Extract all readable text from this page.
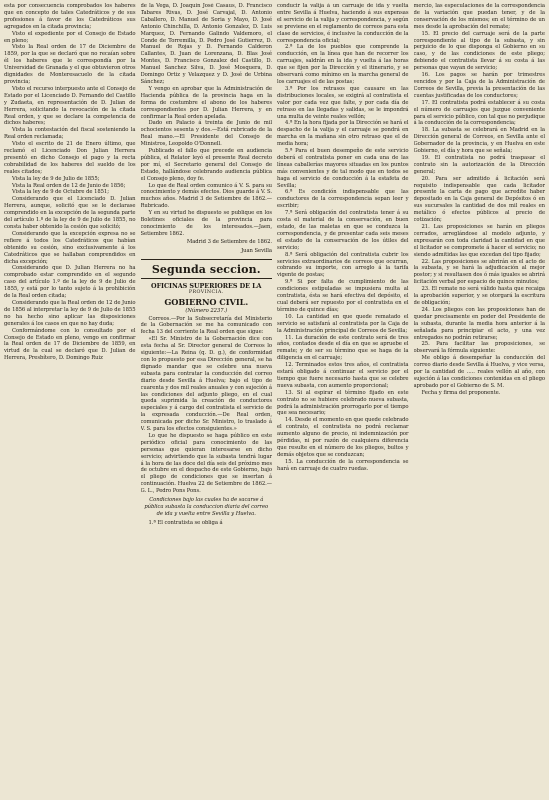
esta por consecuencia comprobados los haberes que en concepto de tales Catedráticos y de sus profesiones á favor de los Catedráticos sus agregados en la citada provincia;

Visto el expediente por el Consejo de Estado en pleno;

Visto la Real orden de 17 de Diciembre de 1859, por la que se declaró que no recaían sobre él los haberes que le correspondía por la Universidad de Granada y el que obtuvieron otros dignidades de Monteresacuelo de la citada provincia;

Visto el recurso interpuesto ante el Consejo de Estado por el Licenciado D. Fernando del Castillo y Zudaeta, en representación de D. Julian de Herrera, solicitando la revocación de la citada Real orden, y que se declare la competencia de dichos haberes;

Vista la contestación del fiscal sosteniendo la Real orden reclamada;

Visto el escrito de 21 de Enero último, que reclamó el Licenciado Don Julian Herrera presentó en dicho Consejo el pago y la recta cobrabilidad de los haberes del sueldo de los reales citados;

Vista la ley de 9 de Julio de 1855;

Vista la Real orden de 12 de Junio de 1856;

Vista la ley de 9 de Octubre de 1851;

Considerando que el Licenciado D. Julian Herrera, aunque, solicitó que se le declarase comprendido en la excepción de la segunda parte del artículo 1.º de la ley de 9 de Julio de 1855, no consta haber obtenido la cesión que solicitó;

Considerando que la excepción expresa no se refiere á todos los Catedráticos que habían obtenido su cesión, sino exclusivamente á los Catedráticos que se hallaban comprendidos en dicha excepción;

Considerando que D. Julian Herrera no ha comprobado estar comprendido en el segundo caso del artículo 1.º de la ley de 9 de Julio de 1855, y está por lo tanto sujeto á la prohibición de la Real orden citada;

Considerando que la Real orden de 12 de Junio de 1856 al interpretar la ley de 9 de Julio de 1855 no ha hecho sino aplicar las disposiciones generales á los casos en que no hay duda;

Conformándome con lo consultado por el Consejo de Estado en pleno, vengo en confirmar la Real orden de 17 de Diciembre de 1859, en virtud de la cual se declaró que D. Julian de Herrera, Presbítero, D. Domingo Ruiz

de la Vega, D. Joaquin José Casaus, D. Francisco Tabares Rivas, D. José Carvajal, D. Antonio Caballero, D. Manuel de Soria y Mayo, D. José Antonio Chinchilla, D. Antonio Gonzalez, D. Luis Marquez, D. Fernando Galindo Valdemoro, el Conde de Torremilla, D. Pedro José Gutierrez, D. Manuel de Rojas y D. Fernando Calderon Callantes, D. Juan de Lorenzana, D. Blas José Montes, D. Francisco Gonzalez del Castillo, D. Manuel Sanchez Silva, D. José Mosquera, D. Domingo Ortiz y Velazquez y D. José de Urbina Sánchez;

Y vengo en aprobar que la Administración de Hacienda pública de la provincia haga en la forma de costumbre el abono de los haberes correspondientes por D. Julian Herrera, y en confirmar la Real orden apelada.

Dado en Palacio á treinta de Junio de mil ochocientos sesenta y dos.—Está rubricado de la Real mano.—El Presidente del Consejo de Ministros, Leopoldo O'Donnell.

Publicado el fallo que precede en audiencia pública, el Relator leyó el presente Real decreto por mí, el Secretario general del Consejo de Estado, hallándose celebrando audiencia pública el Consejo pleno, doy fe.

Lo que de Real orden comunico á V. S. para su conocimiento y demás efectos. Dios guarde á V. S. muchos años. Madrid 3 de Setiembre de 1862.—Rubricado.

Y en su virtud he dispuesto se publique en los Boletines oficiales de la provincia para conocimiento de los interesados.—Jaen, Setiembre 1862.

Madrid 3 de Setiembre de 1862.

Juan Sevilla

Segunda seccion.
OFICINAS SUPERIORES DE LA
PROVINCIA.
GOBIERNO CIVIL.

(Número 2237.)

Correos.—Por la Subsecretaría del Ministerio de la Gobernación se me ha comunicado con fecha 13 del corriente la Real orden que sigue:

«El Sr. Ministro de la Gobernación dice con esta fecha al Sr. Director general de Correos lo siguiente:—La Reina (q. D. g.), de conformidad con lo propuesto por esa Dirección general, se ha dignado mandar que se celebre una nueva subasta para contratar la conducción del correo diario desde Sevilla á Huelva; bajo el tipo de cuarenta y dos mil reales anuales y con sujeción á las condiciones del adjunto pliego, en el cual queda suprimida la creación de conductores especiales y á cargo del contratista el servicio de la expresada conducción.—De Real orden, comunicada por dicho Sr. Ministro, lo traslado á V. S. para los efectos consiguientes.»

Lo que he dispuesto se haga público en este periódico oficial para conocimiento de las personas que quieran interesarse en dicho servicio; advirtiendo que la subasta tendrá lugar á la hora de las doce del día seis del próximo mes de octubre en el despacho de este Gobierno, bajo el pliego de condiciones que se insertan á continuación. Huelva 22 de Setiembre de 1862.—G. L., Pedro Pons Pons.

Condiciones bajo las cuales ha de sacarse á pública subasta la conduccion diaria del correo de ida y vuelta entre Sevilla y Huelva.

1.ª El contratista se obliga á

conducir la valija á un carruaje de ida y vuelta entre Sevilla á Huelva, haciendo á sus expensas el servicio de la valija y correspondencia, y según se previene en el reglamento de correos para esta clase de servicios, é inclusive la conducción de la correspondencia oficial;

2.ª La de los pueblos que comprende la conducción, en la línea que han de recorrer los carruajes, saldrán en la ida y vuelta á las horas que se fijen por la Dirección y el itinerario, y se observará como mínimo en la marcha general de los carruajes el de las postas;

3.ª Por los retrasos que causare en las distribuciones locales, se exigirá al contratista el valor por cada vez que falte, y por cada día de retraso en las llegadas y salidas, se le impondrá una multa de veinte reales vellón;

4.ª En la hora fijada por la Dirección se hará el despacho de la valija y el carruaje se pondrá en marcha en la mañana sin otro retraso que el de media hora;

5.ª Para el buen desempeño de este servicio deberá el contratista poner en cada una de las líneas caballerías mayores situadas en los puntos más convenientes y de tal modo que en todos se haga el servicio de conducción á la estafeta de Sevilla;

6.ª Es condición indispensable que las conductores de la correspondencia sepan leer y escribir;

7.ª Será obligación del contratista tener á su costa el material de la conservación, en buen estado, de las maletas en que se conduzca la correspondencia, y de presentar cada seis meses el estado de la conservación de los útiles del servicio;

8.ª Será obligación del contratista cubrir los servicios extraordinarios de correos que ocurran, cobrando su importe, con arreglo á la tarifa vigente de postas;

9.ª Si por falta de cumplimiento de las condiciones estipuladas se impusiera multa al contratista, ésta se hará efectiva del depósito, el cual deberá ser repuesto por el contratista en el término de quince días;

10. La cantidad en que quede rematado el servicio se satisfará al contratista por la Caja de la Administración principal de Correos de Sevilla;

11. La duración de este contrato será de tres años, contados desde el día en que se apruebe el remate; y de ser su término que se haga de la diligencia en el carruaje;

12. Terminados estos tres años, el contratista estará obligado á continuar el servicio por el tiempo que fuere necesario hasta que se celebre nueva subasta, con aumento proporcional;

13. Si al espirar el término fijado en este contrato no se hubiere celebrado nueva subasta, podrá la administración prorrogarlo por el tiempo que sea necesario;

14. Desde el momento en que quede celebrado el contrato, el contratista no podrá reclamar aumento alguno de precio, ni indemnización por pérdidas, ni por razón de cualquiera diferencia que resulte en el número de los pliegos, bultos y demás objetos que se conduzcan;

15. La conducción de la correspondencia se hará en carruaje de cuatro ruedas.

mercio, las especulaciones de la correspondencia de la variación que puedan tener, y de la conservación de los mismos; en el término de un mes desde la aprobación del remate;

15. El precio del carruaje será de la parte correspondiente al tipo de la subasta, y sin perjuicio de lo que disponga el Gobierno en su caso, y de las condiciones de este pliego; debiendo el contratista llevar á su costa á las personas que vayan de servicio;

16. Los pagos se harán por trimestres vencidos y por la Caja de la Administración de Correos de Sevilla, previa la presentación de las cuentas justificadas de los conductores;

17. El contratista podrá establecer á su costa el número de carruajes que juzgue conveniente para el servicio público, con tal que no perjudique á la conducción de la correspondencia;

18. La subasta se celebrará en Madrid en la Dirección general de Correos, en Sevilla ante el Gobernador de la provincia, y en Huelva en este Gobierno, el día y hora que se señala;

19. El contratista no podrá traspasar el contrato sin la autorización de la Dirección general;

20. Para ser admitido á licitación será requisito indispensable que cada licitador presente la carta de pago que acredite haber depositado en la Caja general de Depósitos ó en sus sucursales la cantidad de dos mil reales en metálico ó efectos públicos al precio de cotización;

21. Las proposiciones se harán en pliegos cerrados, arreglándose al modelo adjunto, y expresarán con toda claridad la cantidad en que el licitador se compromete á hacer el servicio; no siendo admitidas las que excedan del tipo fijado;

22. Las proposiciones se abrirán en el acto de la subasta, y se hará la adjudicación al mejor postor; y si resultasen dos ó más iguales se abrirá licitación verbal por espacio de quince minutos;

23. El remate no será válido hasta que recaiga la aprobación superior, y se otorgará la escritura de obligación;

24. Los pliegos con las proposiciones han de quedar precisamente en poder del Presidente de la subasta, durante la media hora anterior á la señalada para principiar el acto, y una vez entregados no podrán retirarse;

25. Para facilitar las proposiciones, se observará la fórmula siguiente:

Me obligo á desempeñar la conducción del correo diario desde Sevilla á Huelva, y vice versa, por la cantidad de ..... reales vellón al año, con sujeción á las condiciones contenidas en el pliego aprobado por el Gobierno de S. M.

Fecha y firma del proponente.
